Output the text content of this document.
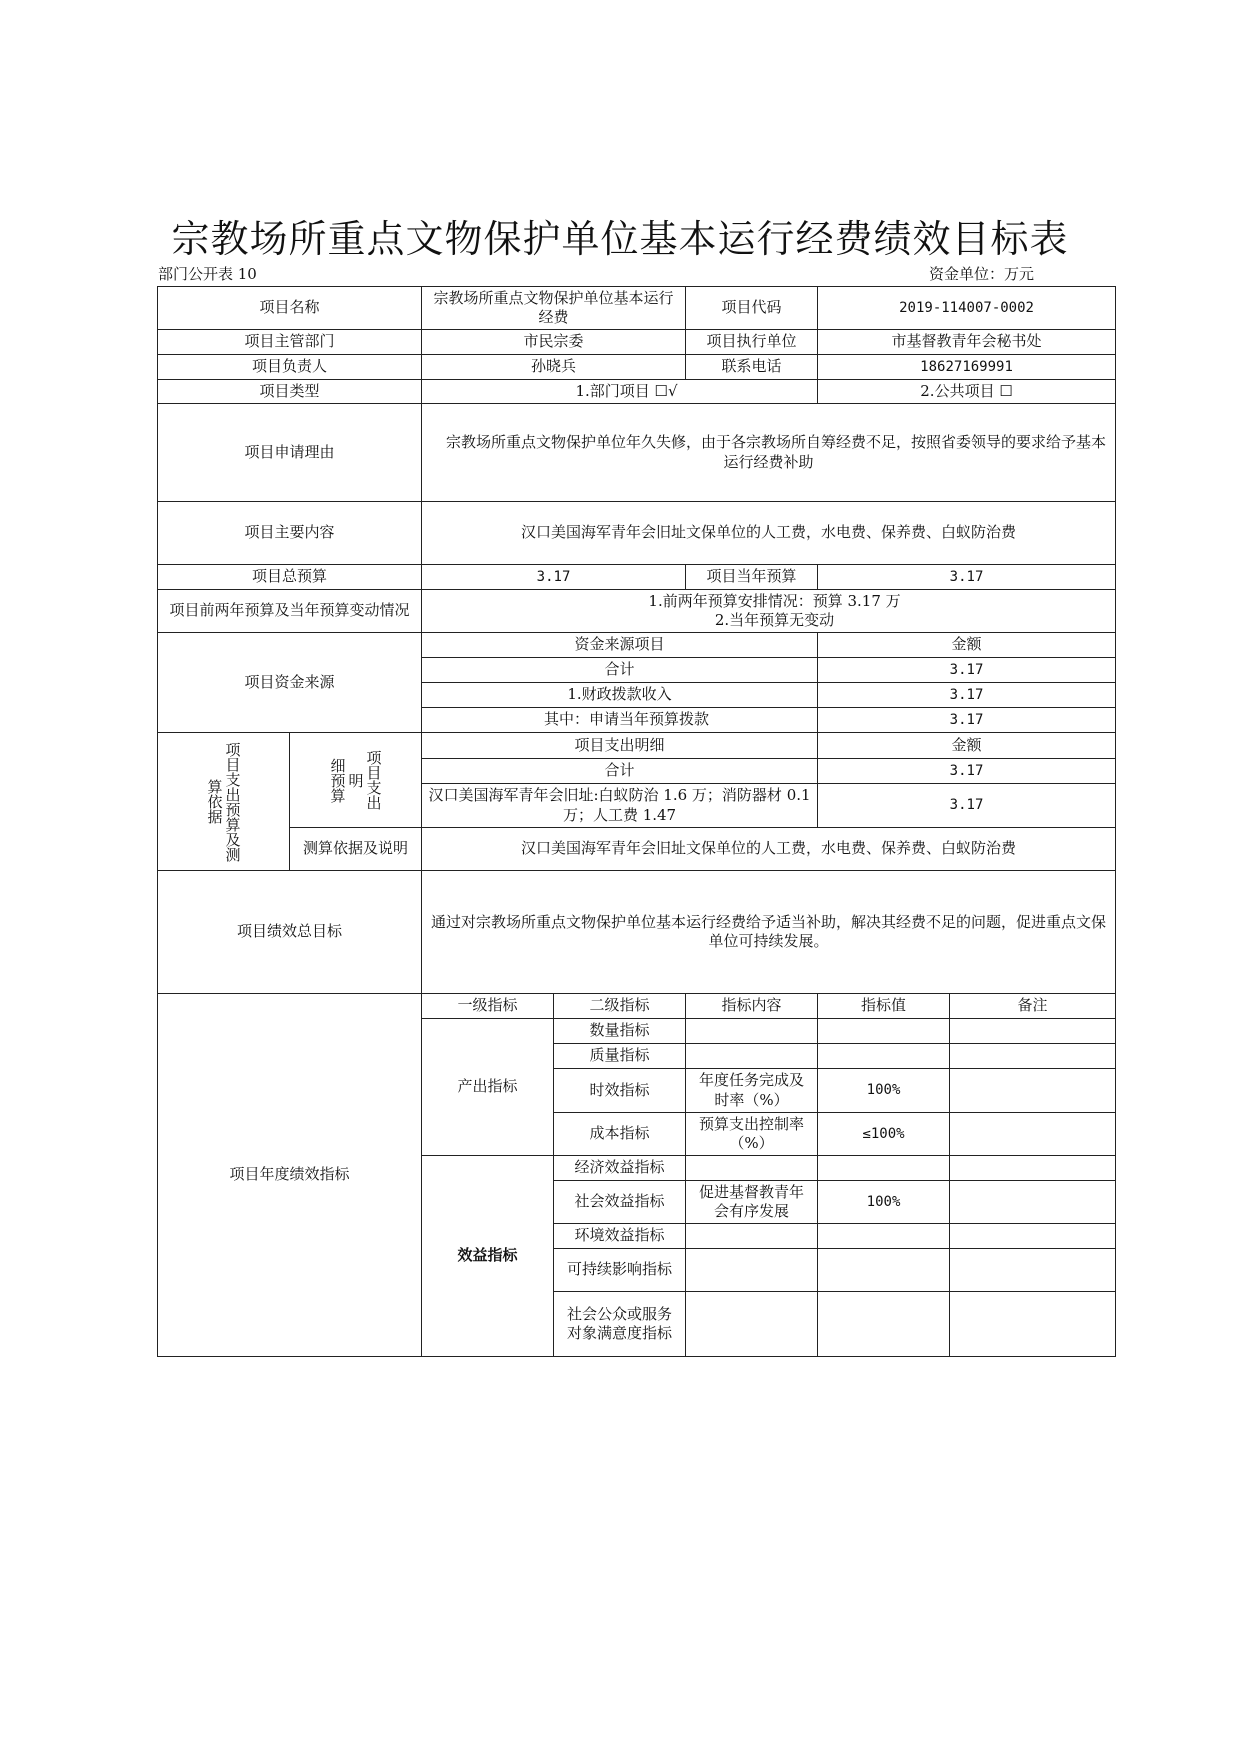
宗教场所重点文物保护单位基本运行经费绩效目标表
部门公开表 10	资金单位：万元
项目名称		宗教场所重点文物保护单位基本运行经费		项目代码	2019-114007-0002	
项目主管部门		市民宗委		项目执行单位	市基督教青年会秘书处	
项目负责人		孙晓兵		联系电话	18627169991	
项目类型		1.部门项目 ☐√			2.公共项目 ☐	
项目申请理由		宗教场所重点文物保护单位年久失修，由于各宗教场所自筹经费不足，按照省委领导的要求给予基本运行经费补助				
项目主要内容		汉口美国海军青年会旧址文保单位的人工费，水电费、保养费、白蚁防治费				
项目总预算		3.17		项目当年预算	3.17	
项目前两年预算及当年预算变动情况		1.前两年预算安排情况：预算 3.17 万
2.当年预算无变动				

项目资金来源		资金来源项目			金额	
		合计			3.17	
		1.财政拨款收入			3.17	
		其中：申请当年预算拨款			3.17	

算依据 项目支出预算及测	细预算 明 项目支出	项目支出明细			金额	
		合计			3.17	
		汉口美国海军青年会旧址:白蚁防治 1.6 万；消防器材 0.1 万；人工费 1.47			3.17	
	测算依据及说明	汉口美国海军青年会旧址文保单位的人工费，水电费、保养费、白蚁防治费				
项目绩效总目标		通过对宗教场所重点文物保护单位基本运行经费给予适当补助，解决其经费不足的问题，促进重点文保单位可持续发展。				
项目年度绩效指标		一级指标	二级指标	指标内容	指标值	备注
		产出指标	数量指标			
			质量指标			
			时效指标	年度任务完成及时率（%）	100%	
			成本指标	预算支出控制率（%）	≤100%	
		效益指标	经济效益指标			
			社会效益指标	促进基督教青年会有序发展	100%	
			环境效益指标			
			可持续影响指标			
			社会公众或服务对象满意度指标			
